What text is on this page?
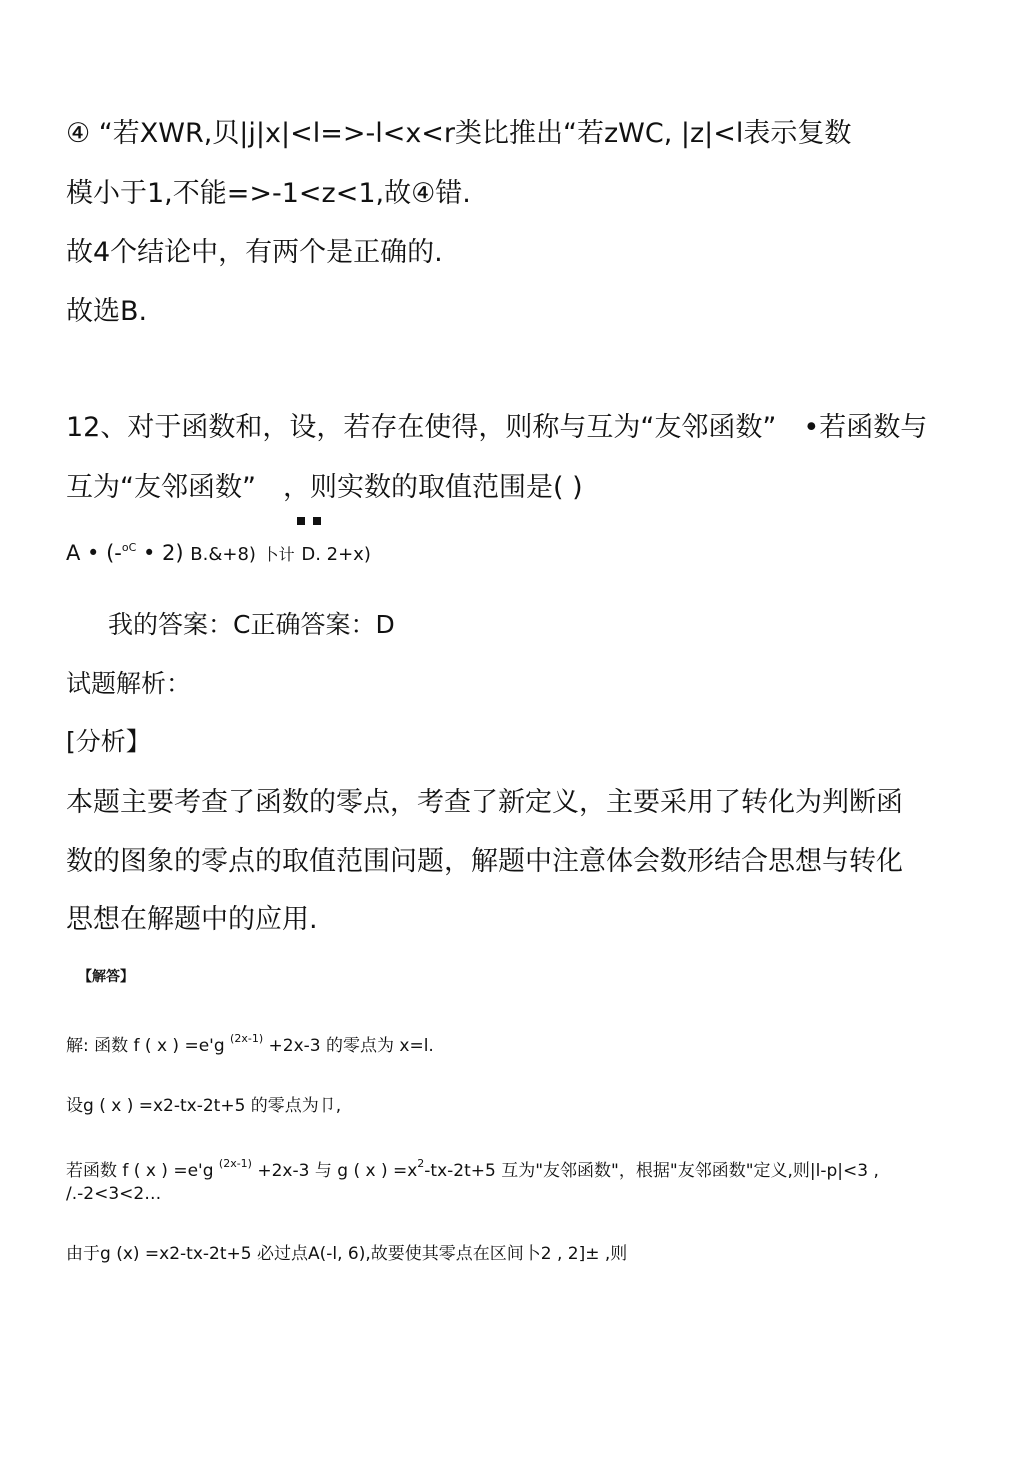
④ “若XWR,贝|j|x|<l=>-l<x<r类比推出“若zWC, |z|<l表示复数
模小于1,不能=>-1<z<1,故④错.
故4个结论中，有两个是正确的.
故选B.
12、对于函数和，设，若存在使得，则称与互为“友邻函数”　•若函数与
互为“友邻函数”　，则实数的取值范围是( )
A • (-$^{oC}$ • 2) B.&+8) 卜计 D. 2+x)
我的答案：C正确答案：D
试题解析：
[分析】
本题主要考查了函数的零点，考查了新定义，主要采用了转化为判断函
数的图象的零点的取值范围问题，解题中注意体会数形结合思想与转化
思想在解题中的应用.
【解答】
解: 函数 f ( x ) =e'g $^{(2x-1)}$ +2x-3 的零点为 x=l.
设g ( x ) =x2-tx-2t+5 的零点为卩,
若函数 f ( x ) =e'g $^{(2x-1)}$ +2x-3 与 g ( x ) $=x^2-tx-2t+5$ 互为"友邻函数"，根据"友邻函数"定义,则|l-p|<3 ,
/.-2<3<2…
由于g (x) =x2-tx-2t+5 必过点A(-l, 6),故要使其零点在区间卜2 , 2]± ,则
